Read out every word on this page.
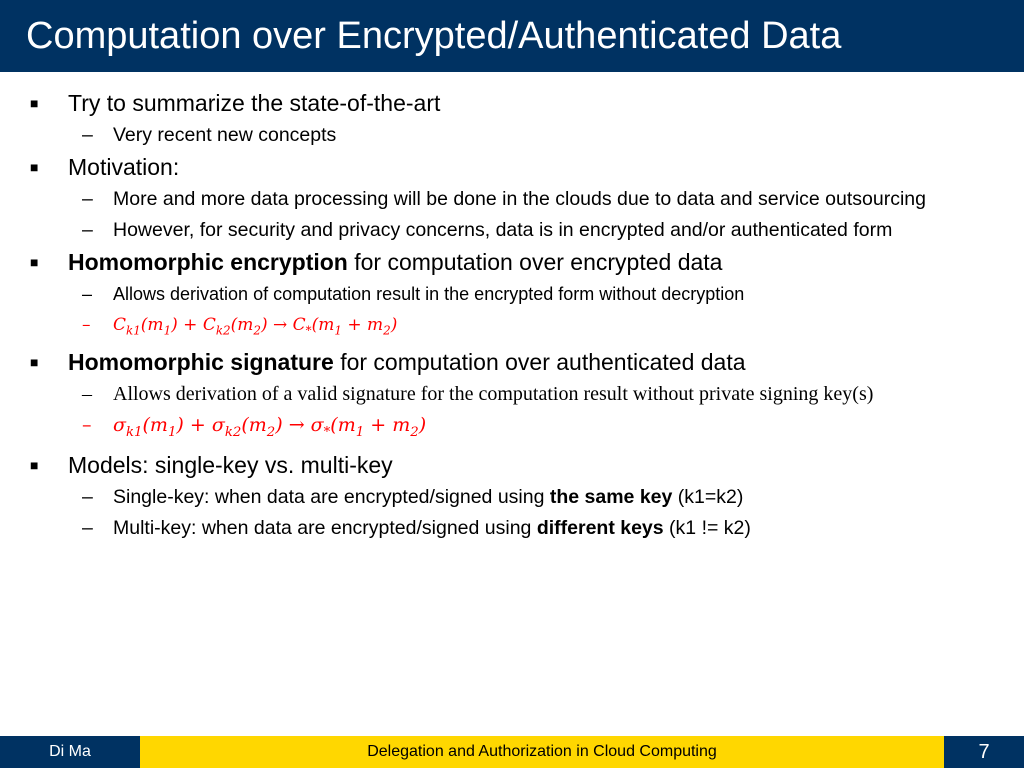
Computation over Encrypted/Authenticated Data
■ Try to summarize the state-of-the-art
– Very recent new concepts
■ Motivation:
– More and more data processing will be done in the clouds due to data and service outsourcing
– However, for security and privacy concerns, data is in encrypted and/or authenticated form
■ Homomorphic encryption for computation over encrypted data
– Allows derivation of computation result in the encrypted form without decryption
– $C_{k1}(m_1) + C_{k2}(m_2) \to C_*(m_1 + m_2)$
■ Homomorphic signature for computation over authenticated data
– Allows derivation of a valid signature for the computation result without private signing key(s)
– $\sigma_{k1}(m_1) + \sigma_{k2}(m_2) \to \sigma_*(m_1 + m_2)$
■ Models: single-key vs. multi-key
– Single-key: when data are encrypted/signed using the same key (k1=k2)
– Multi-key: when data are encrypted/signed using different keys (k1 != k2)
Di Ma	Delegation and Authorization in Cloud Computing	7
